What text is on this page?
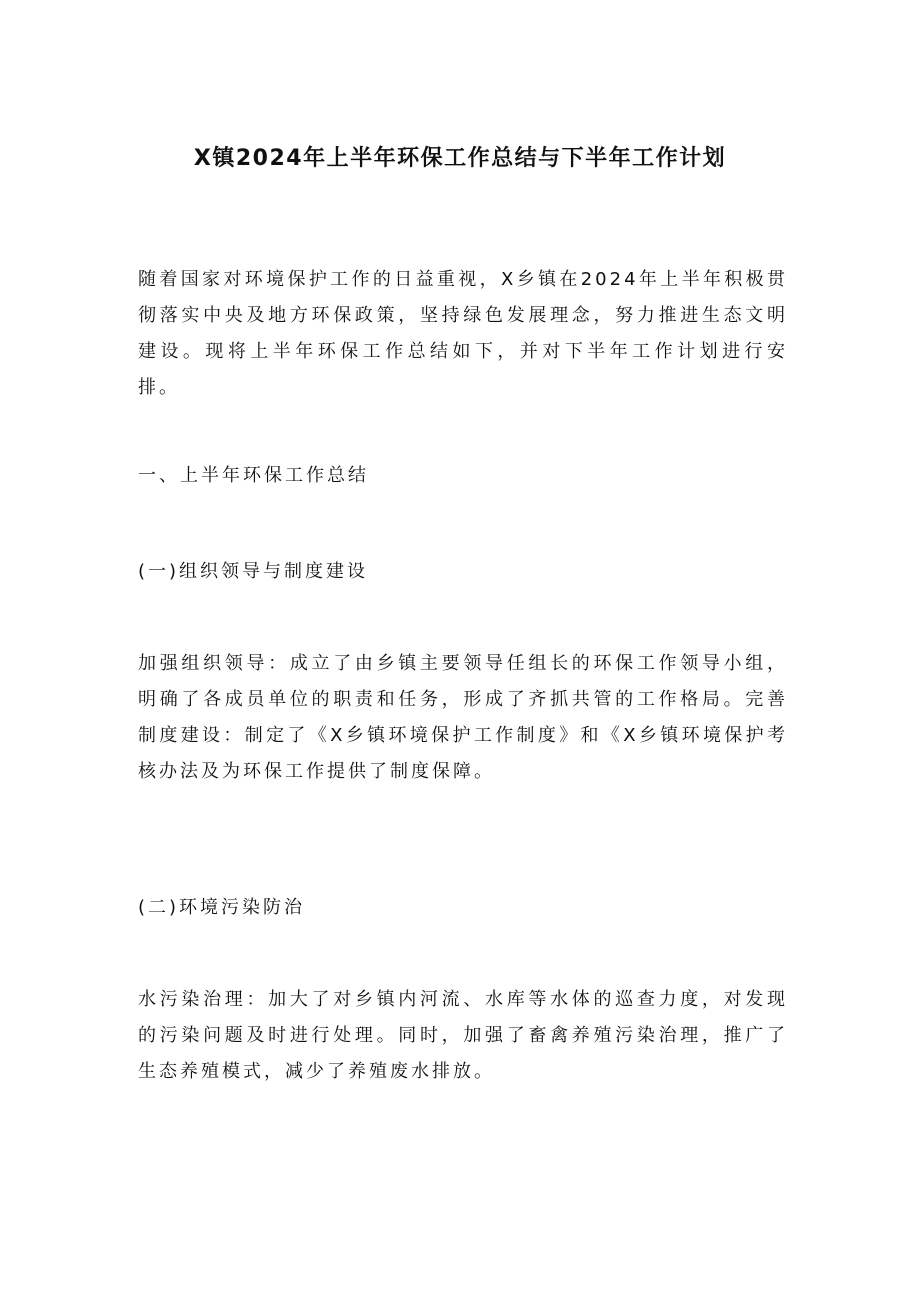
X镇2024年上半年环保工作总结与下半年工作计划

随着国家对环境保护工作的日益重视，X乡镇在2024年上半年积极贯彻落实中央及地方环保政策，坚持绿色发展理念，努力推进生态文明建设。现将上半年环保工作总结如下，并对下半年工作计划进行安排。

一、上半年环保工作总结

(一)组织领导与制度建设

加强组织领导：成立了由乡镇主要领导任组长的环保工作领导小组，明确了各成员单位的职责和任务，形成了齐抓共管的工作格局。完善制度建设：制定了《X乡镇环境保护工作制度》和《X乡镇环境保护考核办法及为环保工作提供了制度保障。

(二)环境污染防治

水污染治理：加大了对乡镇内河流、水库等水体的巡查力度，对发现的污染问题及时进行处理。同时，加强了畜禽养殖污染治理，推广了生态养殖模式，减少了养殖废水排放。
